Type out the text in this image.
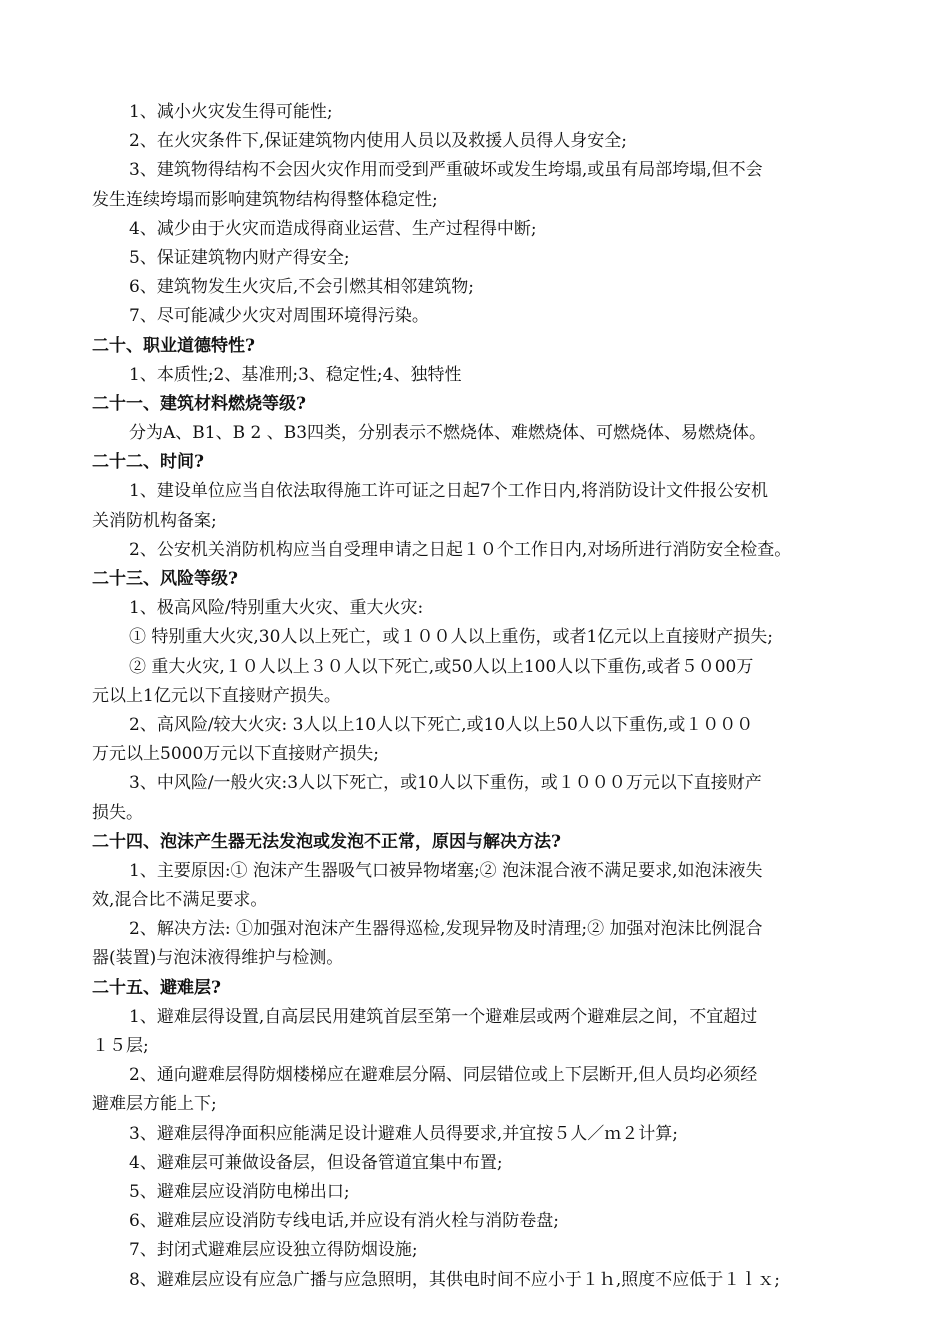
1、减小火灾发生得可能性;
2、在火灾条件下,保证建筑物内使用人员以及救援人员得人身安全;
3、建筑物得结构不会因火灾作用而受到严重破坏或发生垮塌,或虽有局部垮塌,但不会
发生连续垮塌而影响建筑物结构得整体稳定性;
4、减少由于火灾而造成得商业运营、生产过程得中断;
5、保证建筑物内财产得安全;
6、建筑物发生火灾后,不会引燃其相邻建筑物;
7、尽可能减少火灾对周围环境得污染。
二十、职业道德特性?
1、本质性;2、基准刑;3、稳定性;4、独特性
二十一、建筑材料燃烧等级?
分为A、B1、B 2 、B3四类，分别表示不燃烧体、难燃烧体、可燃烧体、易燃烧体。
二十二、时间?
1、建设单位应当自依法取得施工许可证之日起7个工作日内,将消防设计文件报公安机
关消防机构备案;
2、公安机关消防机构应当自受理申请之日起１０个工作日内,对场所进行消防安全检查。
二十三、风险等级?
1、极高风险/特别重大火灾、重大火灾:
① 特别重大火灾,30人以上死亡，或１００人以上重伤，或者1亿元以上直接财产损失;
② 重大火灾,１０人以上３０人以下死亡,或50人以上100人以下重伤,或者５０00万
元以上1亿元以下直接财产损失。
2、高风险/较大火灾: 3人以上10人以下死亡,或10人以上50人以下重伤,或１０００
万元以上5000万元以下直接财产损失;
3、中风险/一般火灾:3人以下死亡，或10人以下重伤，或１０００万元以下直接财产
损失。
二十四、泡沫产生器无法发泡或发泡不正常，原因与解决方法?
1、主要原因:① 泡沫产生器吸气口被异物堵塞;② 泡沫混合液不满足要求,如泡沫液失
效,混合比不满足要求。
2、解决方法: ①加强对泡沫产生器得巡检,发现异物及时清理;② 加强对泡沫比例混合
器(装置)与泡沫液得维护与检测。
二十五、避难层?
1、避难层得设置,自高层民用建筑首层至第一个避难层或两个避难层之间，不宜超过
１５层;
2、通向避难层得防烟楼梯应在避难层分隔、同层错位或上下层断开,但人员均必须经
避难层方能上下;
3、避难层得净面积应能满足设计避难人员得要求,并宜按５人／ｍ２计算;
4、避难层可兼做设备层，但设备管道宜集中布置;
5、避难层应设消防电梯出口;
6、避难层应设消防专线电话,并应设有消火栓与消防卷盘;
7、封闭式避难层应设独立得防烟设施;
8、避难层应设有应急广播与应急照明，其供电时间不应小于１ｈ,照度不应低于１ｌｘ;
